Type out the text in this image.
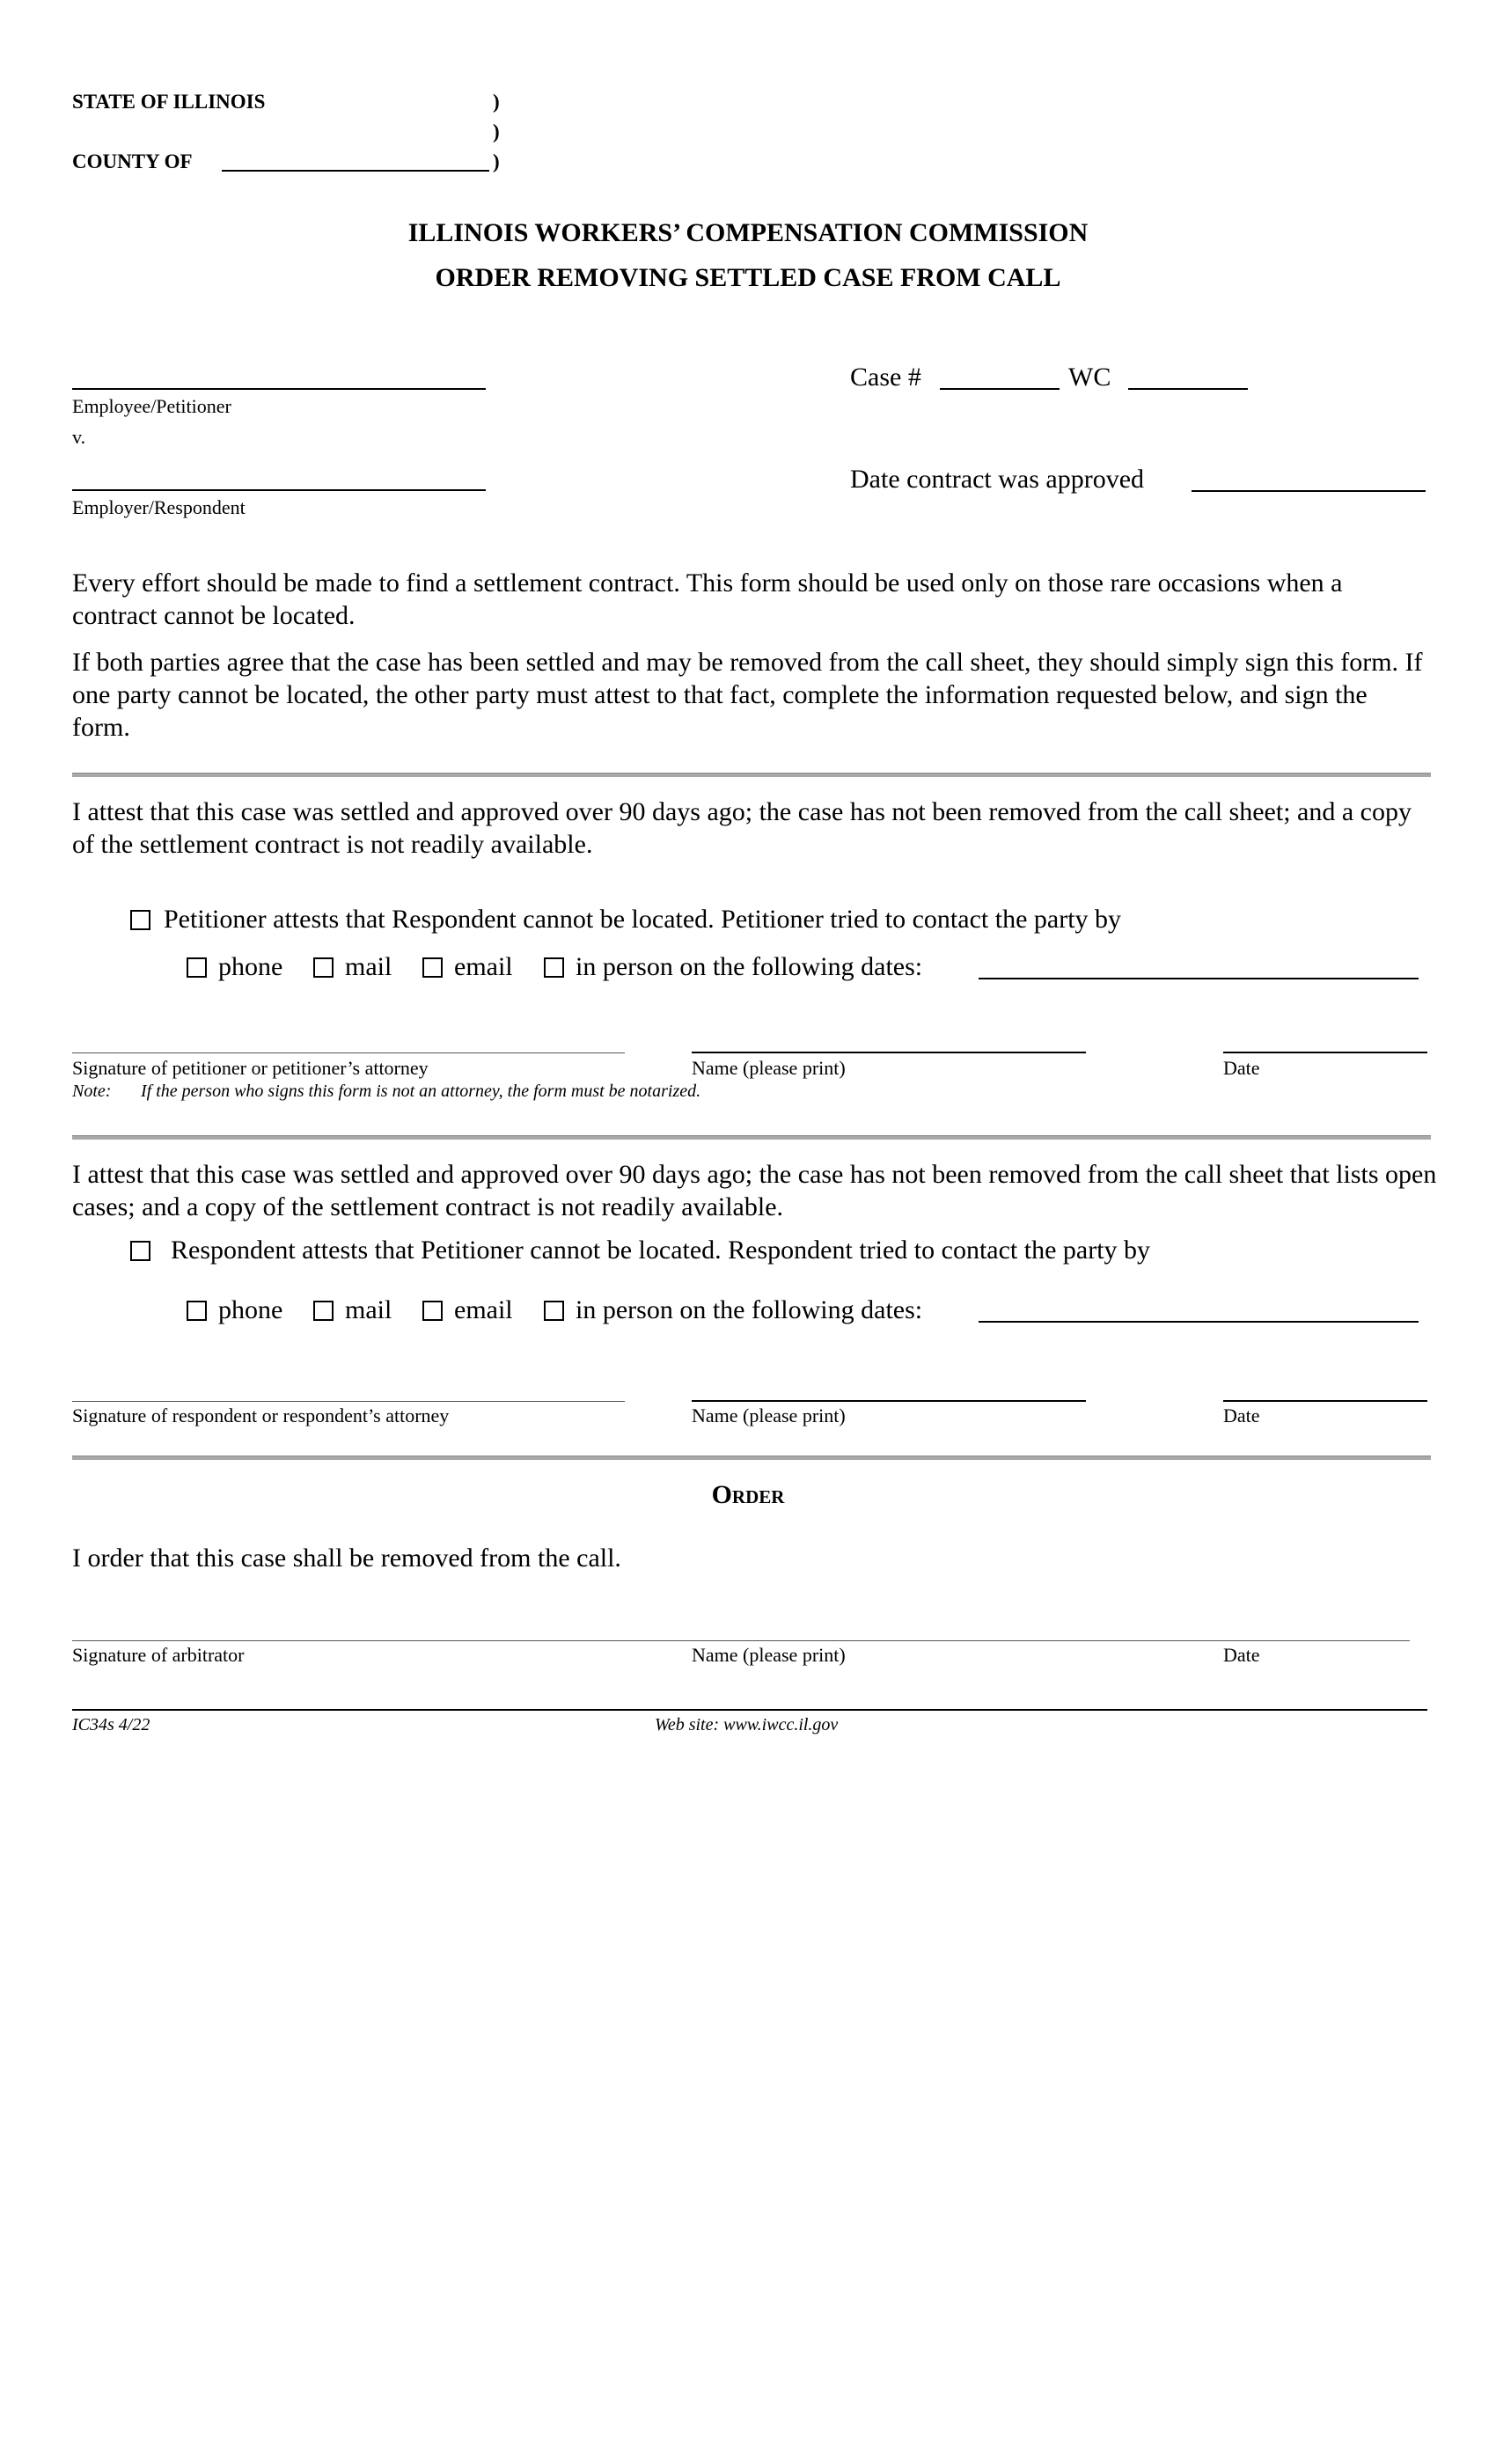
STATE OF ILLINOIS	)
)
COUNTY OF	)
ILLINOIS WORKERS’ COMPENSATION COMMISSION
ORDER REMOVING SETTLED CASE FROM CALL
Employee/Petitioner
v.
Employer/Respondent
Case #	WC
Date contract was approved
Every effort should be made to find a settlement contract. This form should be used only on those rare occasions when a contract cannot be located.
If both parties agree that the case has been settled and may be removed from the call sheet, they should simply sign this form. If one party cannot be located, the other party must attest to that fact, complete the information requested below, and sign the form.
I attest that this case was settled and approved over 90 days ago; the case has not been removed from the call sheet; and a copy of the settlement contract is not readily available.
Petitioner attests that Respondent cannot be located. Petitioner tried to contact the party by
phone mail email in person on the following dates:
Signature of petitioner or petitioner’s attorney	Name (please print)	Date
Note: If the person who signs this form is not an attorney, the form must be notarized.
I attest that this case was settled and approved over 90 days ago; the case has not been removed from the call sheet that lists open cases; and a copy of the settlement contract is not readily available.
Respondent attests that Petitioner cannot be located. Respondent tried to contact the party by
phone mail email in person on the following dates:
Signature of respondent or respondent’s attorney	Name (please print)	Date
Order
I order that this case shall be removed from the call.
Signature of arbitrator	Name (please print)	Date
IC34s 4/22	Web site: www.iwcc.il.gov
